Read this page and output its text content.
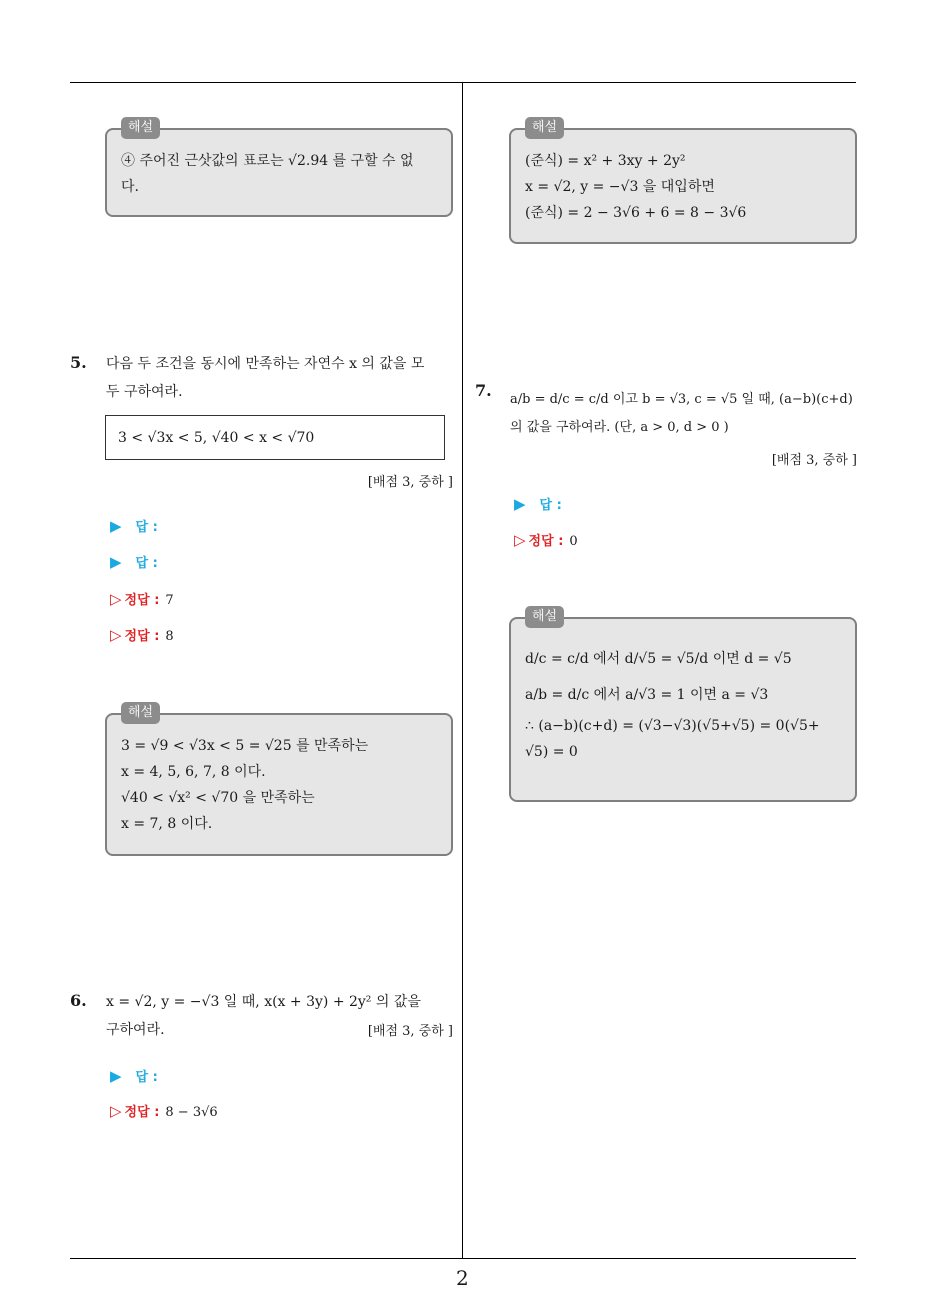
해설
④ 주어진 근삿값의 표로는 √2.94 를 구할 수 없
다.
5. 다음 두 조건을 동시에 만족하는 자연수 x 의 값을 모
두 구하여라.
3 < √3x < 5, √40 < x < √70
[배점 3, 중하 ]
▶ 답 :
▶ 답 :
▷ 정답 : 7
▷ 정답 : 8
해설
3 = √9 < √3x < 5 = √25 를 만족하는
x = 4, 5, 6, 7, 8 이다.
√40 < √x² < √70 을 만족하는
x = 7, 8 이다.
6. x = √2, y = −√3 일 때, x(x + 3y) + 2y² 의 값을
구하여라.	[배점 3, 중하 ]
▶ 답 :
▷ 정답 : 8 − 3√6
해설
(준식) = x² + 3xy + 2y²
x = √2, y = −√3 을 대입하면
(준식) = 2 − 3√6 + 6 = 8 − 3√6
7. a/b = d/c = c/d 이고 b = √3, c = √5 일 때, (a−b)(c+d)
의 값을 구하여라. (단, a > 0, d > 0 )
[배점 3, 중하 ]
▶ 답 :
▷ 정답 : 0
해설
d/c = c/d 에서 d/√5 = √5/d 이면 d = √5
a/b = d/c 에서 a/√3 = 1 이면 a = √3
∴ (a−b)(c+d) = (√3−√3)(√5+√5) = 0(√5+
√5) = 0
2
